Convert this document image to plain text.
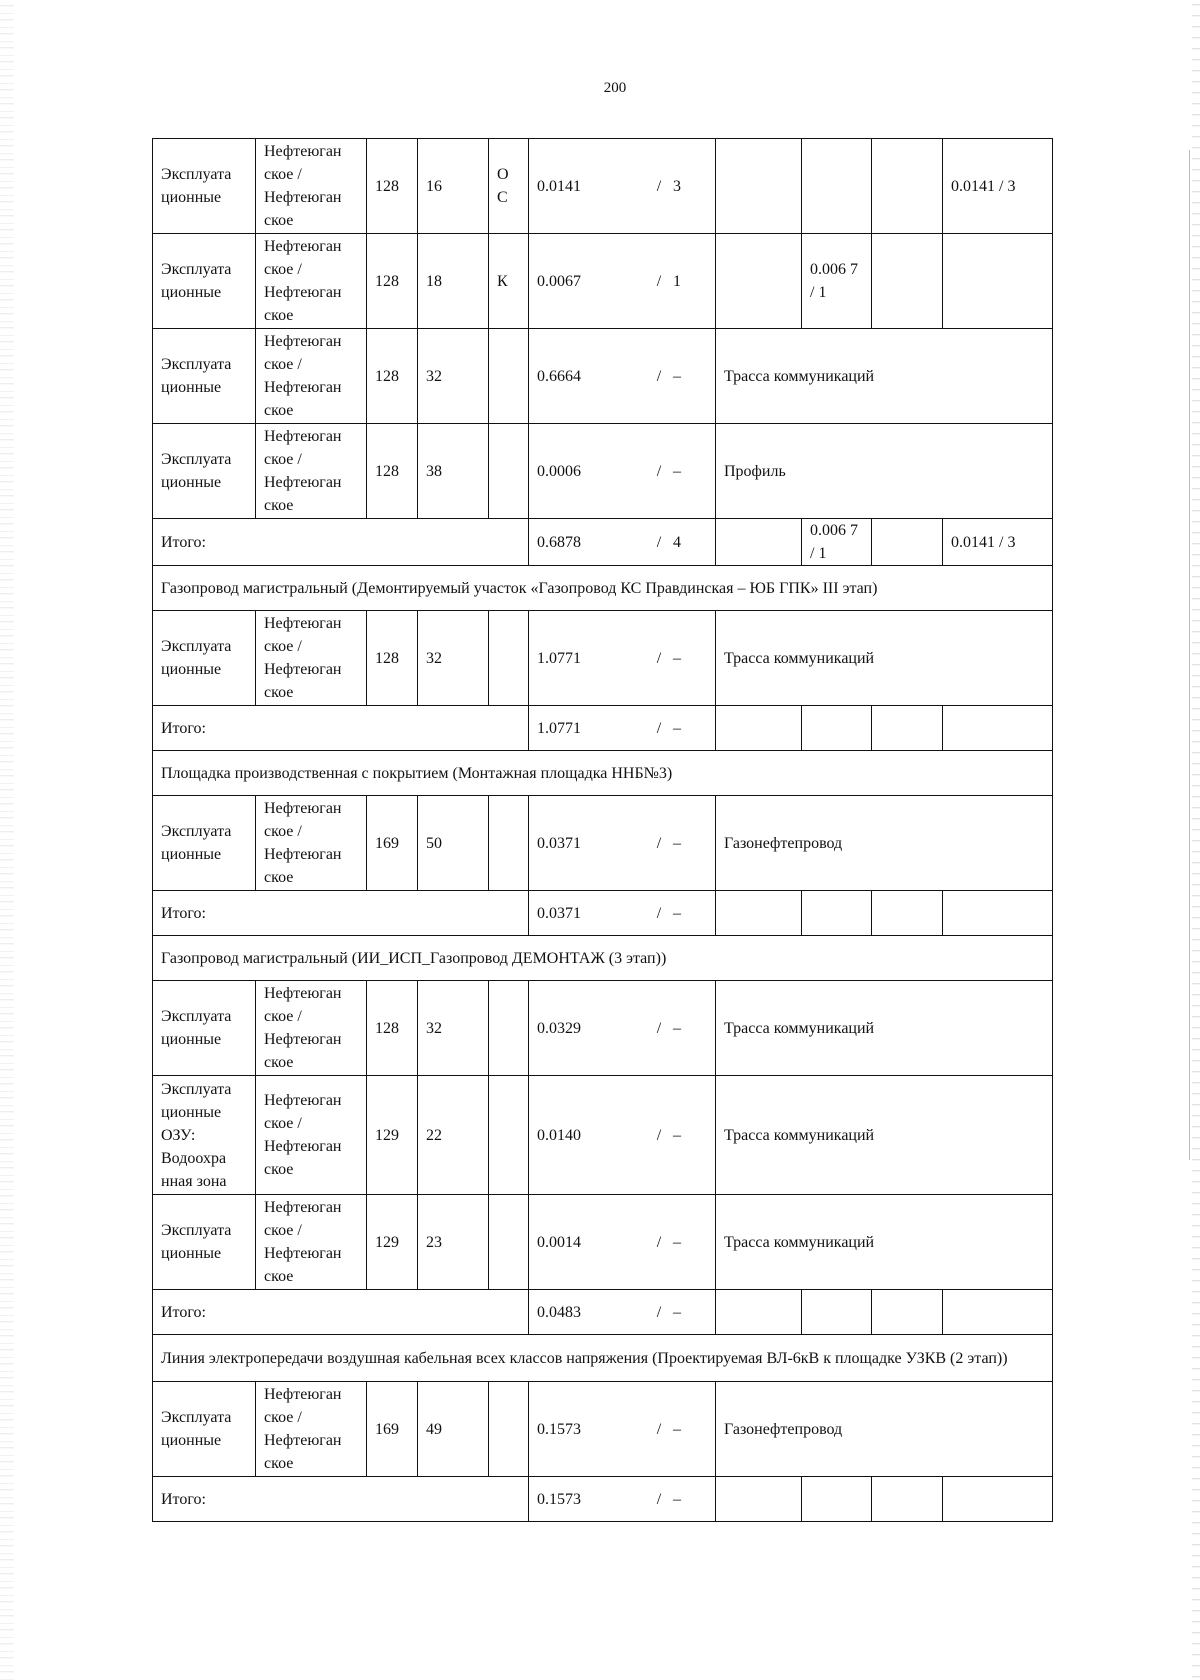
200
Эксплуата ционные	Нефтеюган ское / Нефтеюган ское	128	16	О С	0.0141 / 3				0.0141 / 3
Эксплуата ционные	Нефтеюган ское / Нефтеюган ское	128	18	К	0.0067 / 1		0.006 7 / 1		
Эксплуата ционные	Нефтеюган ское / Нефтеюган ское	128	32		0.6664 / –	Трасса коммуникаций			
Эксплуата ционные	Нефтеюган ское / Нефтеюган ское	128	38		0.0006 / –	Профиль			
Итого:					0.6878 / 4		0.006 7 / 1		0.0141 / 3
Газопровод магистральный (Демонтируемый участок «Газопровод КС Правдинская – ЮБ ГПК» III этап)									
Эксплуата ционные	Нефтеюган ское / Нефтеюган ское	128	32		1.0771 / –	Трасса коммуникаций			
Итого:					1.0771 / –				
Площадка производственная с покрытием (Монтажная площадка ННБ№3)									
Эксплуата ционные	Нефтеюган ское / Нефтеюган ское	169	50		0.0371 / –	Газонефтепровод			
Итого:					0.0371 / –				
Газопровод магистральный (ИИ_ИСП_Газопровод ДЕМОНТАЖ (3 этап))									
Эксплуата ционные	Нефтеюган ское / Нефтеюган ское	128	32		0.0329 / –	Трасса коммуникаций			
Эксплуата ционные ОЗУ: Водоохра нная зона	Нефтеюган ское / Нефтеюган ское	129	22		0.0140 / –	Трасса коммуникаций			
Эксплуата ционные	Нефтеюган ское / Нефтеюган ское	129	23		0.0014 / –	Трасса коммуникаций			
Итого:					0.0483 / –				
Линия электропередачи воздушная кабельная всех классов напряжения (Проектируемая ВЛ-6кВ к площадке УЗКВ (2 этап))									
Эксплуата ционные	Нефтеюган ское / Нефтеюган ское	169	49		0.1573 / –	Газонефтепровод			
Итого:					0.1573 / –				
